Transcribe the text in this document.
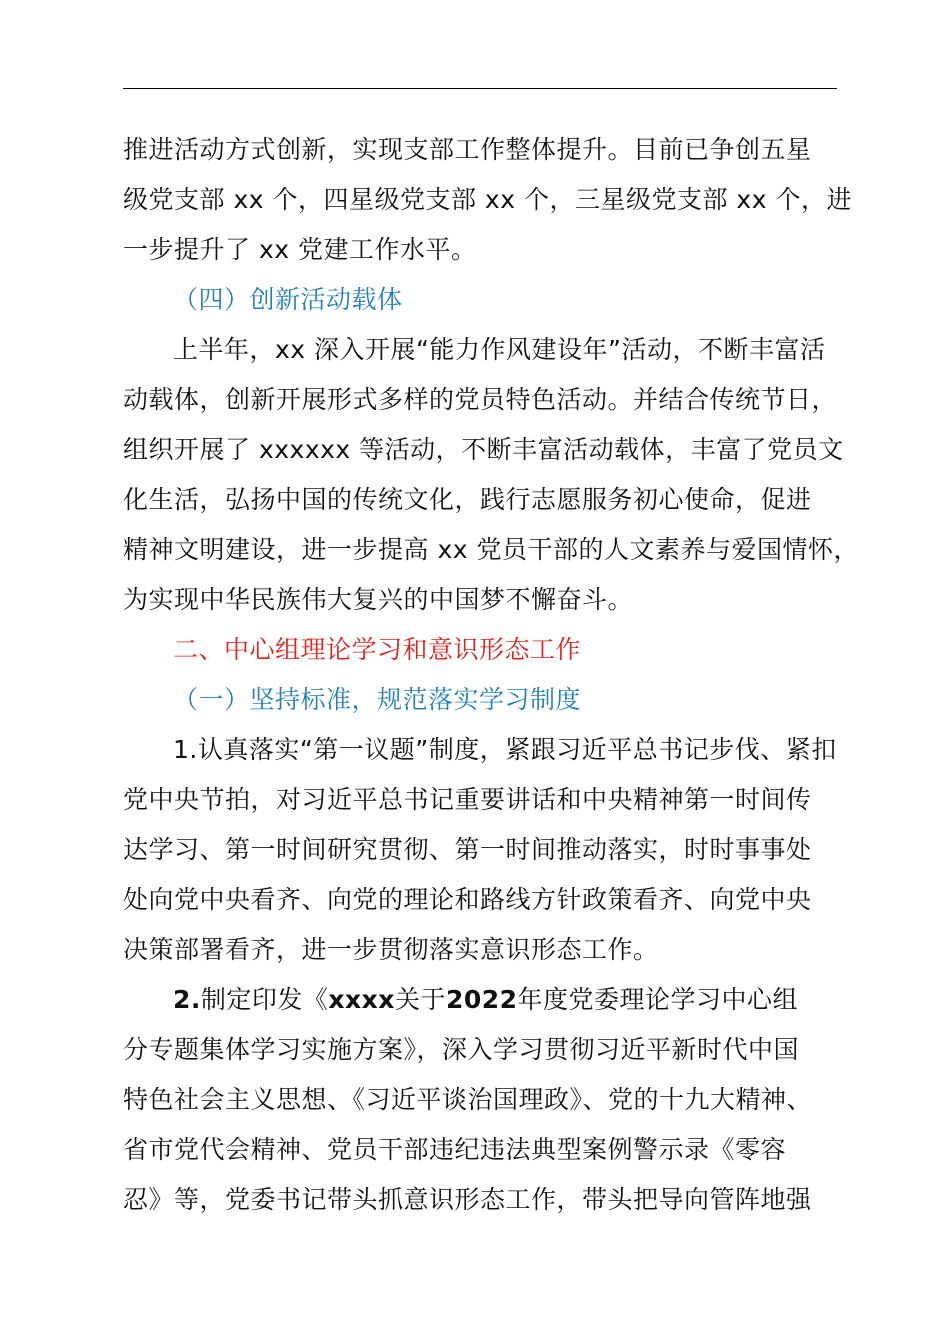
推进活动方式创新，实现支部工作整体提升。目前已争创五星
级党支部 xx 个，四星级党支部 xx 个，三星级党支部 xx 个，进
一步提升了 xx 党建工作水平。
（四）创新活动载体
上半年，xx 深入开展“能力作风建设年”活动，不断丰富活
动载体，创新开展形式多样的党员特色活动。并结合传统节日，
组织开展了 xxxxxx 等活动，不断丰富活动载体，丰富了党员文
化生活，弘扬中国的传统文化，践行志愿服务初心使命，促进
精神文明建设，进一步提高 xx 党员干部的人文素养与爱国情怀，
为实现中华民族伟大复兴的中国梦不懈奋斗。
二、中心组理论学习和意识形态工作
（一）坚持标准，规范落实学习制度
1.认真落实“第一议题”制度，紧跟习近平总书记步伐、紧扣
党中央节拍，对习近平总书记重要讲话和中央精神第一时间传
达学习、第一时间研究贯彻、第一时间推动落实，时时事事处
处向党中央看齐、向党的理论和路线方针政策看齐、向党中央
决策部署看齐，进一步贯彻落实意识形态工作。
2.制定印发《xxxx关于2022年度党委理论学习中心组
分专题集体学习实施方案》，深入学习贯彻习近平新时代中国
特色社会主义思想、《习近平谈治国理政》、党的十九大精神、
省市党代会精神、党员干部违纪违法典型案例警示录《零容
忍》等，党委书记带头抓意识形态工作，带头把导向管阵地强
